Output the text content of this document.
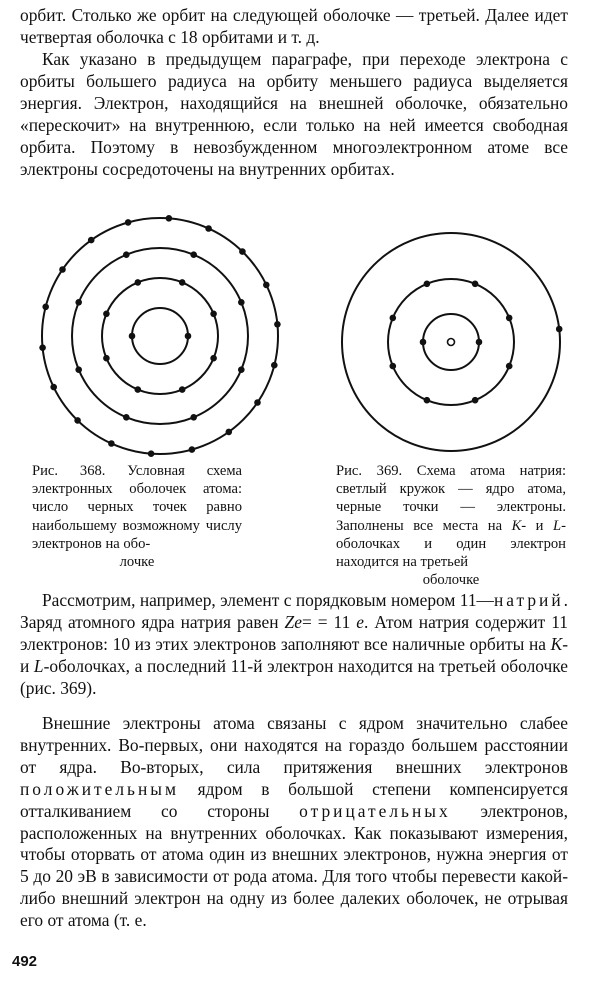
орбит. Столько же орбит на следующей оболочке — третьей. Далее идет четвертая оболочка с 18 орбитами и т. д.

Как указано в предыдущем параграфе, при переходе электрона с орбиты большего радиуса на орбиту меньшего радиуса выделяется энергия. Электрон, находящийся на внешней оболочке, обязательно «перескочит» на внутреннюю, если только на ней имеется свободная орбита. Поэтому в невозбужденном многоэлектронном атоме все электроны сосредоточены на внутренних орбитах.

Рис. 368. Условная схема электронных оболочек атома: число черных точек равно наибольшему возможному числу электронов на обо-
лочке

Рис. 369. Схема атома натрия: светлый кружок — ядро атома, черные точки — электроны. Заполнены все места на K- и L-оболочках и один электрон находится на третьей
оболочке

Рассмотрим, например, элемент с порядковым номером 11—натрий. Заряд атомного ядра натрия равен Ze= = 11 e. Атом натрия содержит 11 электронов: 10 из этих электронов заполняют все наличные орбиты на K- и L-оболочках, а последний 11-й электрон находится на третьей оболочке (рис. 369).

Внешние электроны атома связаны с ядром значительно слабее внутренних. Во-первых, они находятся на гораздо большем расстоянии от ядра. Во-вторых, сила притяжения внешних электронов положительным ядром в большой степени компенсируется отталкиванием со стороны отрицательных электронов, расположенных на внутренних оболочках. Как показывают измерения, чтобы оторвать от атома один из внешних электронов, нужна энергия от 5 до 20 эВ в зависимости от рода атома. Для того чтобы перевести какой-либо внешний электрон на одну из более далеких оболочек, не отрывая его от атома (т. е.

492
